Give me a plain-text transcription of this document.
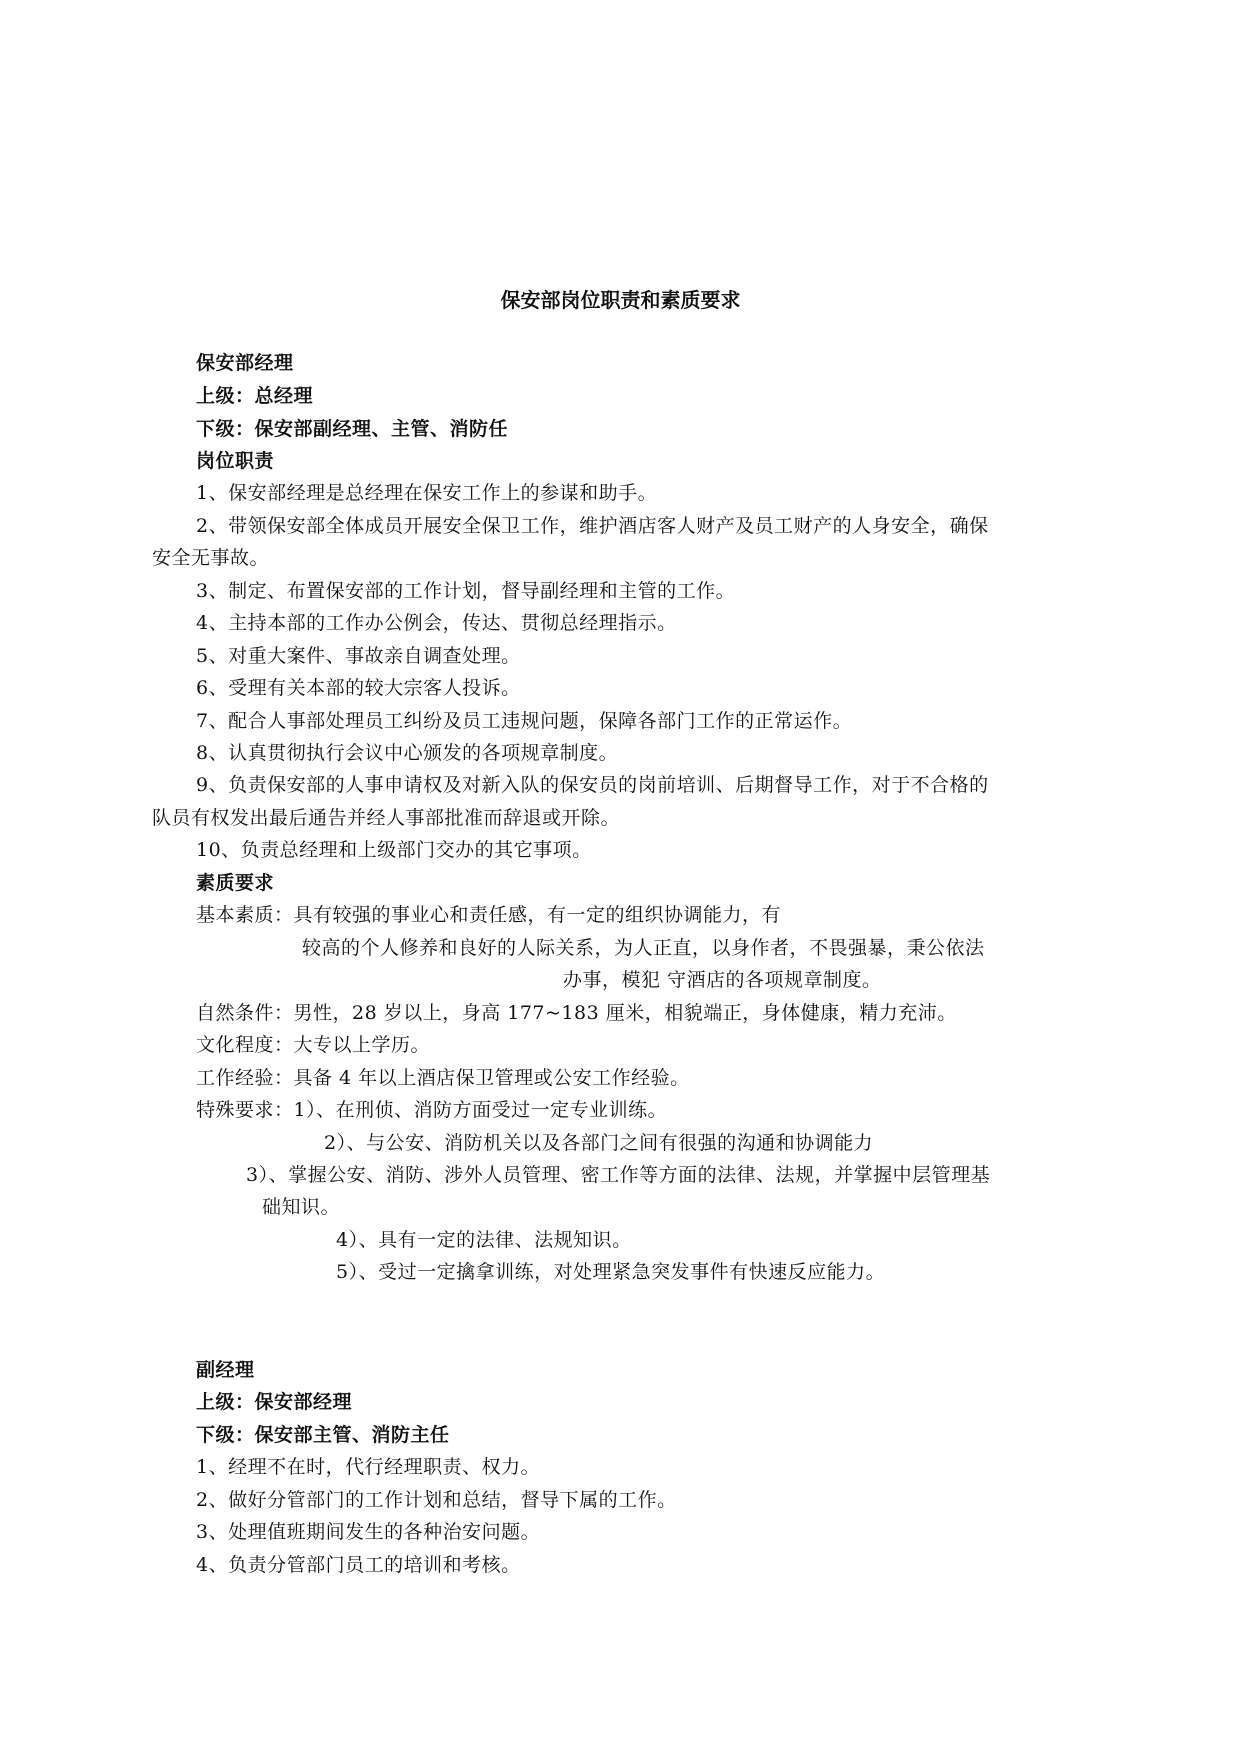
保安部岗位职责和素质要求
保安部经理
上级：总经理
下级：保安部副经理、主管、消防任
岗位职责
1、保安部经理是总经理在保安工作上的参谋和助手。
2、带领保安部全体成员开展安全保卫工作，维护酒店客人财产及员工财产的人身安全，确保
安全无事故。
3、制定、布置保安部的工作计划，督导副经理和主管的工作。
4、主持本部的工作办公例会，传达、贯彻总经理指示。
5、对重大案件、事故亲自调查处理。
6、受理有关本部的较大宗客人投诉。
7、配合人事部处理员工纠纷及员工违规问题，保障各部门工作的正常运作。
8、认真贯彻执行会议中心颁发的各项规章制度。
9、负责保安部的人事申请权及对新入队的保安员的岗前培训、后期督导工作，对于不合格的
队员有权发出最后通告并经人事部批准而辞退或开除。
10、负责总经理和上级部门交办的其它事项。
素质要求
基本素质：具有较强的事业心和责任感，有一定的组织协调能力，有
较高的个人修养和良好的人际关系，为人正直，以身作者，不畏强暴，秉公依法
办事，模犯 守酒店的各项规章制度。
自然条件：男性，28 岁以上，身高 177~183 厘米，相貌端正，身体健康，精力充沛。
文化程度：大专以上学历。
工作经验：具备 4 年以上酒店保卫管理或公安工作经验。
特殊要求：1）、在刑侦、消防方面受过一定专业训练。
2）、与公安、消防机关以及各部门之间有很强的沟通和协调能力
3）、掌握公安、消防、涉外人员管理、密工作等方面的法律、法规，并掌握中层管理基
础知识。
4）、具有一定的法律、法规知识。
5）、受过一定擒拿训练，对处理紧急突发事件有快速反应能力。
副经理
上级：保安部经理
下级：保安部主管、消防主任
1、经理不在时，代行经理职责、权力。
2、做好分管部门的工作计划和总结，督导下属的工作。
3、处理值班期间发生的各种治安问题。
4、负责分管部门员工的培训和考核。
